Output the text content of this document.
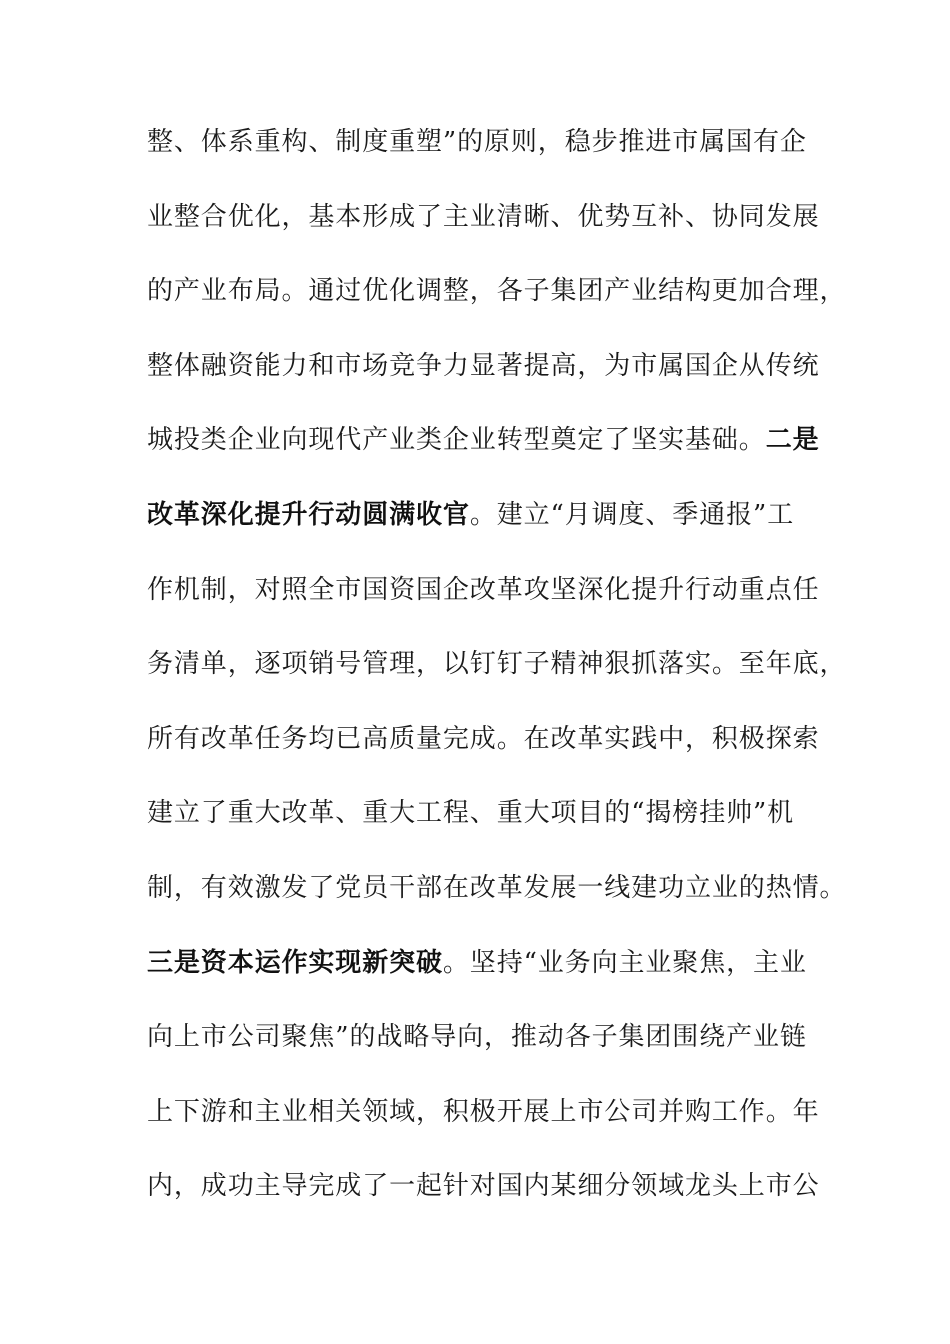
整、体系重构、制度重塑”的原则，稳步推进市属国有企
业整合优化，基本形成了主业清晰、优势互补、协同发展
的产业布局。通过优化调整，各子集团产业结构更加合理，
整体融资能力和市场竞争力显著提高，为市属国企从传统
城投类企业向现代产业类企业转型奠定了坚实基础。二是
改革深化提升行动圆满收官。建立“月调度、季通报”工
作机制，对照全市国资国企改革攻坚深化提升行动重点任
务清单，逐项销号管理，以钉钉子精神狠抓落实。至年底，
所有改革任务均已高质量完成。在改革实践中，积极探索
建立了重大改革、重大工程、重大项目的“揭榜挂帅”机
制，有效激发了党员干部在改革发展一线建功立业的热情。
三是资本运作实现新突破。坚持“业务向主业聚焦，主业
向上市公司聚焦”的战略导向，推动各子集团围绕产业链
上下游和主业相关领域，积极开展上市公司并购工作。年
内，成功主导完成了一起针对国内某细分领域龙头上市公
